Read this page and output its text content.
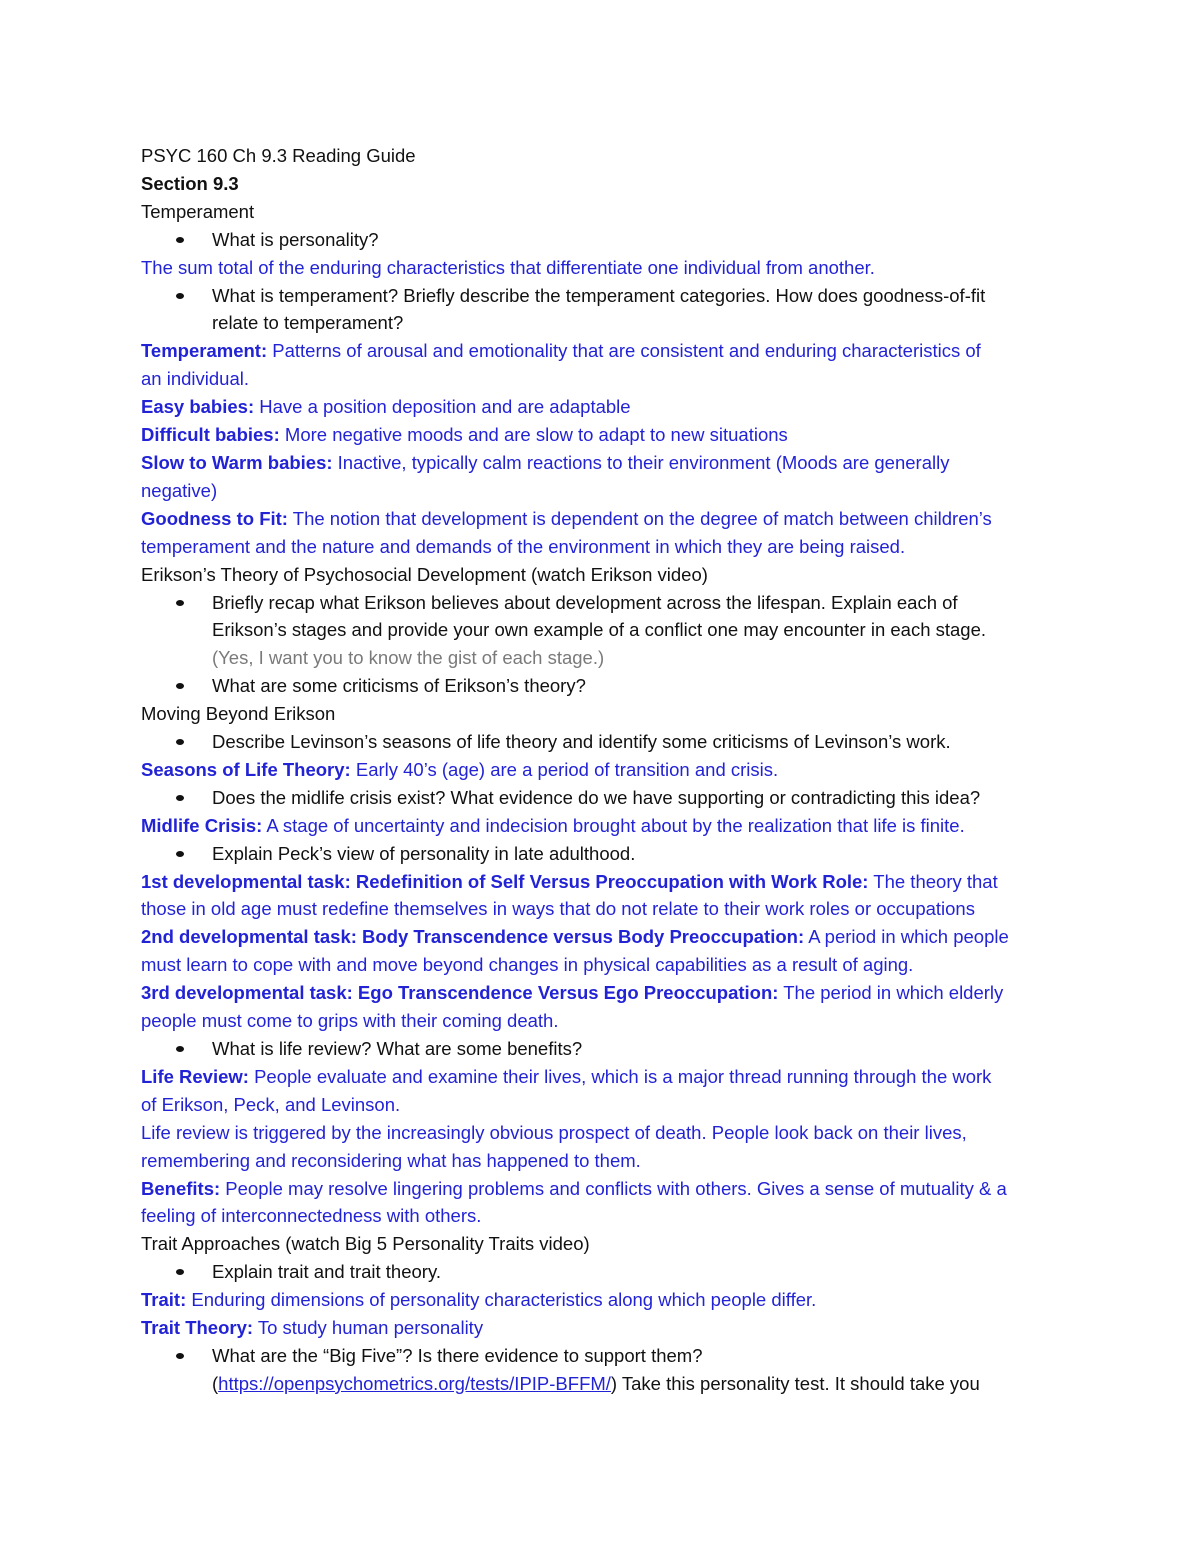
PSYC 160 Ch 9.3 Reading Guide
Section 9.3
Temperament
What is personality?
The sum total of the enduring characteristics that differentiate one individual from another.
What is temperament? Briefly describe the temperament categories. How does goodness-of-fit
relate to temperament?
Temperament: Patterns of arousal and emotionality that are consistent and enduring characteristics of
an individual.
Easy babies: Have a position deposition and are adaptable
Difficult babies: More negative moods and are slow to adapt to new situations
Slow to Warm babies: Inactive, typically calm reactions to their environment (Moods are generally
negative)
Goodness to Fit: The notion that development is dependent on the degree of match between children’s
temperament and the nature and demands of the environment in which they are being raised.
Erikson’s Theory of Psychosocial Development (watch Erikson video)
Briefly recap what Erikson believes about development across the lifespan. Explain each of
Erikson’s stages and provide your own example of a conflict one may encounter in each stage.
(Yes, I want you to know the gist of each stage.)
What are some criticisms of Erikson’s theory?
Moving Beyond Erikson
Describe Levinson’s seasons of life theory and identify some criticisms of Levinson’s work.
Seasons of Life Theory: Early 40’s (age) are a period of transition and crisis.
Does the midlife crisis exist? What evidence do we have supporting or contradicting this idea?
Midlife Crisis: A stage of uncertainty and indecision brought about by the realization that life is finite.
Explain Peck’s view of personality in late adulthood.
1st developmental task: Redefinition of Self Versus Preoccupation with Work Role: The theory that
those in old age must redefine themselves in ways that do not relate to their work roles or occupations
2nd developmental task: Body Transcendence versus Body Preoccupation: A period in which people
must learn to cope with and move beyond changes in physical capabilities as a result of aging.
3rd developmental task: Ego Transcendence Versus Ego Preoccupation: The period in which elderly
people must come to grips with their coming death.
What is life review? What are some benefits?
Life Review: People evaluate and examine their lives, which is a major thread running through the work
of Erikson, Peck, and Levinson.
Life review is triggered by the increasingly obvious prospect of death. People look back on their lives,
remembering and reconsidering what has happened to them.
Benefits: People may resolve lingering problems and conflicts with others. Gives a sense of mutuality & a
feeling of interconnectedness with others.
Trait Approaches (watch Big 5 Personality Traits video)
Explain trait and trait theory.
Trait: Enduring dimensions of personality characteristics along which people differ.
Trait Theory: To study human personality
What are the “Big Five”? Is there evidence to support them?
(https://openpsychometrics.org/tests/IPIP-BFFM/) Take this personality test. It should take you
